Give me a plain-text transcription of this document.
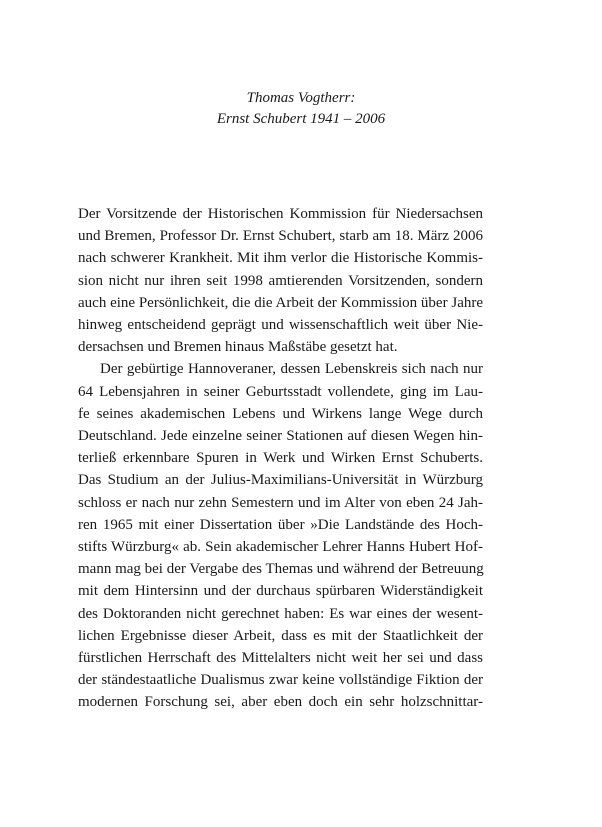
Thomas Vogtherr:
Ernst Schubert 1941 – 2006
Der Vorsitzende der Historischen Kommission für Niedersachsen
und Bremen, Professor Dr. Ernst Schubert, starb am 18. März 2006
nach schwerer Krankheit. Mit ihm verlor die Historische Kommis-
sion nicht nur ihren seit 1998 amtierenden Vorsitzenden, sondern
auch eine Persönlichkeit, die die Arbeit der Kommission über Jahre
hinweg entscheidend geprägt und wissenschaftlich weit über Nie-
dersachsen und Bremen hinaus Maßstäbe gesetzt hat.
Der gebürtige Hannoveraner, dessen Lebenskreis sich nach nur
64 Lebensjahren in seiner Geburtsstadt vollendete, ging im Lau-
fe seines akademischen Lebens und Wirkens lange Wege durch
Deutschland. Jede einzelne seiner Stationen auf diesen Wegen hin-
terließ erkennbare Spuren in Werk und Wirken Ernst Schuberts.
Das Studium an der Julius-Maximilians-Universität in Würzburg
schloss er nach nur zehn Semestern und im Alter von eben 24 Jah-
ren 1965 mit einer Dissertation über »Die Landstände des Hoch-
stifts Würzburg« ab. Sein akademischer Lehrer Hanns Hubert Hof-
mann mag bei der Vergabe des Themas und während der Betreuung
mit dem Hintersinn und der durchaus spürbaren Widerständigkeit
des Doktoranden nicht gerechnet haben: Es war eines der wesent-
lichen Ergebnisse dieser Arbeit, dass es mit der Staatlichkeit der
fürstlichen Herrschaft des Mittelalters nicht weit her sei und dass
der ständestaatliche Dualismus zwar keine vollständige Fiktion der
modernen Forschung sei, aber eben doch ein sehr holzschnittar-
